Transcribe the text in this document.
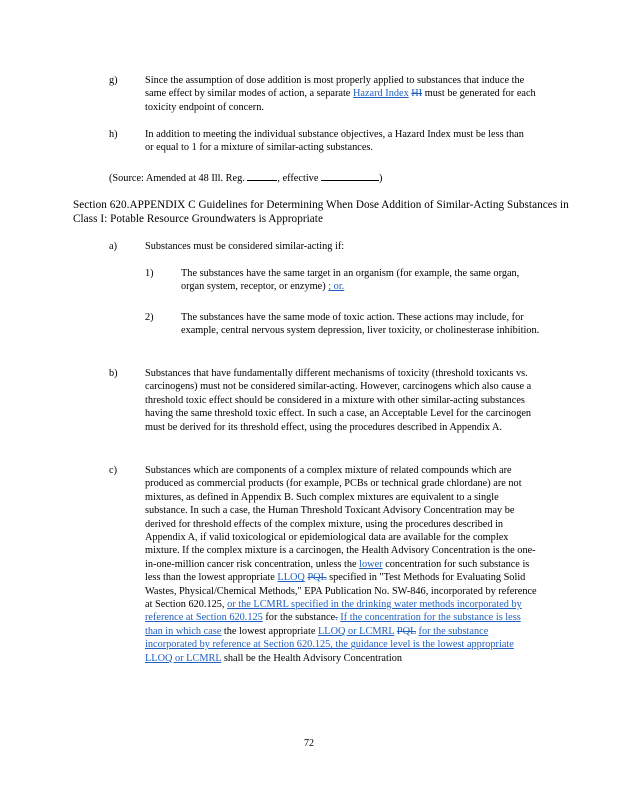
g)	Since the assumption of dose addition is most properly applied to substances that induce the same effect by similar modes of action, a separate Hazard Index HI must be generated for each toxicity endpoint of concern.
h)	In addition to meeting the individual substance objectives, a Hazard Index must be less than or equal to 1 for a mixture of similar-acting substances.
(Source: Amended at 48 Ill. Reg.	, effective	)
Section 620.APPENDIX C Guidelines for Determining When Dose Addition of Similar-Acting Substances in Class I: Potable Resource Groundwaters is Appropriate
a)	Substances must be considered similar-acting if:
1)	The substances have the same target in an organism (for example, the same organ, organ system, receptor, or enzyme) ; or.
2)	The substances have the same mode of toxic action. These actions may include, for example, central nervous system depression, liver toxicity, or cholinesterase inhibition.
b)	Substances that have fundamentally different mechanisms of toxicity (threshold toxicants vs. carcinogens) must not be considered similar-acting. However, carcinogens which also cause a threshold toxic effect should be considered in a mixture with other similar-acting substances having the same threshold toxic effect. In such a case, an Acceptable Level for the carcinogen must be derived for its threshold effect, using the procedures described in Appendix A.
c)	Substances which are components of a complex mixture of related compounds which are produced as commercial products (for example, PCBs or technical grade chlordane) are not mixtures, as defined in Appendix B. Such complex mixtures are equivalent to a single substance. In such a case, the Human Threshold Toxicant Advisory Concentration may be derived for threshold effects of the complex mixture, using the procedures described in Appendix A, if valid toxicological or epidemiological data are available for the complex mixture. If the complex mixture is a carcinogen, the Health Advisory Concentration is the one-in-one-million cancer risk concentration, unless the lower concentration for such substance is less than the lowest appropriate LLOQ PQL specified in "Test Methods for Evaluating Solid Wastes, Physical/Chemical Methods," EPA Publication No. SW-846, incorporated by reference at Section 620.125, or the LCMRL specified in the drinking water methods incorporated by reference at Section 620.125 for the substance. If the concentration for the substance is less than in which case the lowest appropriate LLOQ or LCMRL PQL for the substance incorporated by reference at Section 620.125, the guidance level is the lowest appropriate LLOQ or LCMRL shall be the Health Advisory Concentration
72
